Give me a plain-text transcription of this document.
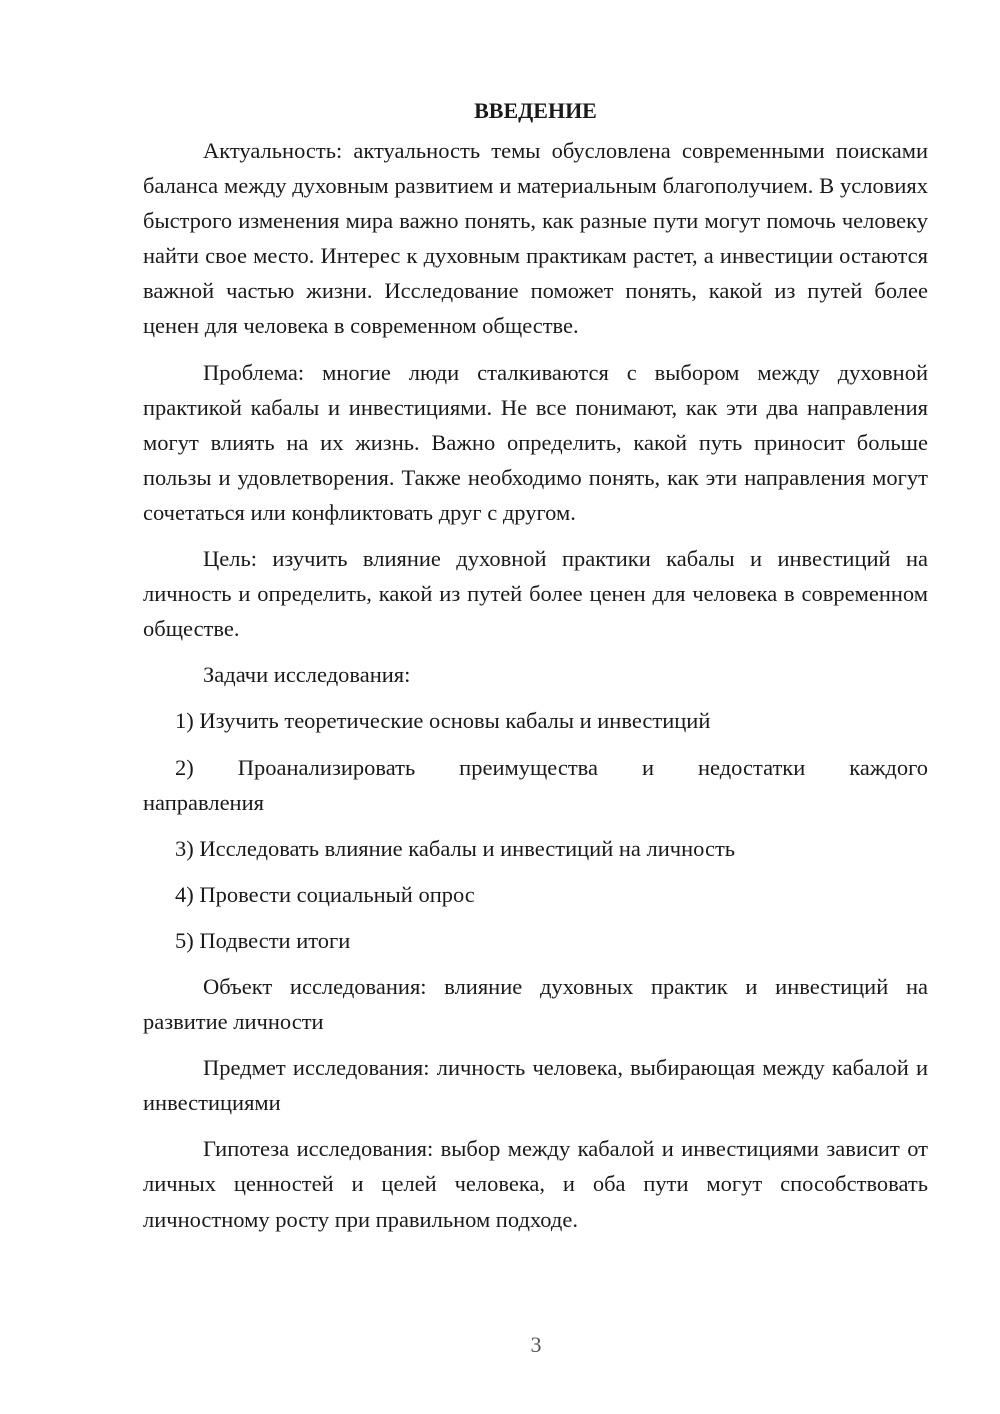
ВВЕДЕНИЕ

Актуальность: актуальность темы обусловлена современными поисками баланса между духовным развитием и материальным благополучием. В условиях быстрого изменения мира важно понять, как разные пути могут помочь человеку найти свое место. Интерес к духовным практикам растет, а инвестиции остаются важной частью жизни. Исследование поможет понять, какой из путей более ценен для человека в современном обществе.

Проблема: многие люди сталкиваются с выбором между духовной практикой кабалы и инвестициями. Не все понимают, как эти два направления могут влиять на их жизнь. Важно определить, какой путь приносит больше пользы и удовлетворения. Также необходимо понять, как эти направления могут сочетаться или конфликтовать друг с другом.

Цель: изучить влияние духовной практики кабалы и инвестиций на личность и определить, какой из путей более ценен для человека в современном обществе.

Задачи исследования:

1) Изучить теоретические основы кабалы и инвестиций

2) Проанализировать преимущества и недостатки каждого
направления

3) Исследовать влияние кабалы и инвестиций на личность

4) Провести социальный опрос

5) Подвести итоги

Объект исследования: влияние духовных практик и инвестиций на развитие личности

Предмет исследования: личность человека, выбирающая между кабалой и инвестициями

Гипотеза исследования: выбор между кабалой и инвестициями зависит от личных ценностей и целей человека, и оба пути могут способствовать личностному росту при правильном подходе.

3
